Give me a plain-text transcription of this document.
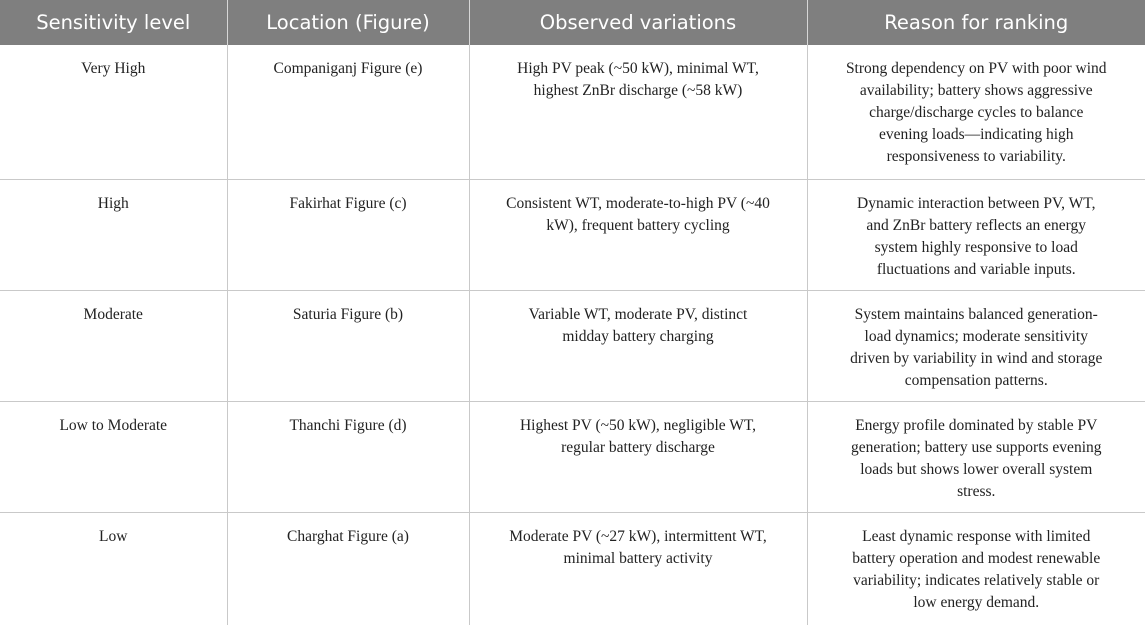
Sensitivity level	Location (Figure)	Observed variations	Reason for ranking
Very High	Companiganj Figure (e)	High PV peak (~50 kW), minimal WT, highest ZnBr discharge (~58 kW)	Strong dependency on PV with poor wind availability; battery shows aggressive charge/discharge cycles to balance evening loads—indicating high responsiveness to variability.
High	Fakirhat Figure (c)	Consistent WT, moderate-to-high PV (~40 kW), frequent battery cycling	Dynamic interaction between PV, WT, and ZnBr battery reflects an energy system highly responsive to load fluctuations and variable inputs.
Moderate	Saturia Figure (b)	Variable WT, moderate PV, distinct midday battery charging	System maintains balanced generation-load dynamics; moderate sensitivity driven by variability in wind and storage compensation patterns.
Low to Moderate	Thanchi Figure (d)	Highest PV (~50 kW), negligible WT, regular battery discharge	Energy profile dominated by stable PV generation; battery use supports evening loads but shows lower overall system stress.
Low	Charghat Figure (a)	Moderate PV (~27 kW), intermittent WT, minimal battery activity	Least dynamic response with limited battery operation and modest renewable variability; indicates relatively stable or low energy demand.
